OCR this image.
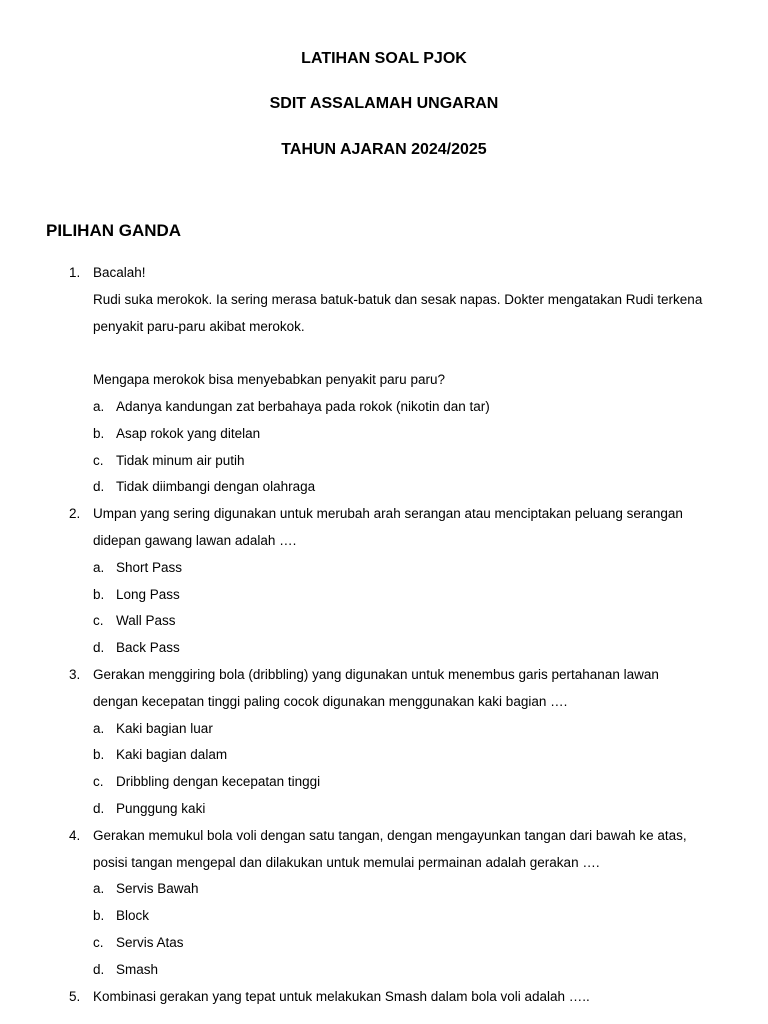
LATIHAN SOAL PJOK
SDIT ASSALAMAH UNGARAN
TAHUN AJARAN 2024/2025
PILIHAN GANDA
1. Bacalah!
Rudi suka merokok. Ia sering merasa batuk-batuk dan sesak napas. Dokter mengatakan Rudi terkena
penyakit paru-paru akibat merokok.
Mengapa merokok bisa menyebabkan penyakit paru paru?
a. Adanya kandungan zat berbahaya pada rokok (nikotin dan tar)
b. Asap rokok yang ditelan
c. Tidak minum air putih
d. Tidak diimbangi dengan olahraga
2. Umpan yang sering digunakan untuk merubah arah serangan atau menciptakan peluang serangan
didepan gawang lawan adalah ….
a. Short Pass
b. Long Pass
c. Wall Pass
d. Back Pass
3. Gerakan menggiring bola (dribbling) yang digunakan untuk menembus garis pertahanan lawan
dengan kecepatan tinggi paling cocok digunakan menggunakan kaki bagian ….
a. Kaki bagian luar
b. Kaki bagian dalam
c. Dribbling dengan kecepatan tinggi
d. Punggung kaki
4. Gerakan memukul bola voli dengan satu tangan, dengan mengayunkan tangan dari bawah ke atas,
posisi tangan mengepal dan dilakukan untuk memulai permainan adalah gerakan ….
a. Servis Bawah
b. Block
c. Servis Atas
d. Smash
5. Kombinasi gerakan yang tepat untuk melakukan Smash dalam bola voli adalah …..
